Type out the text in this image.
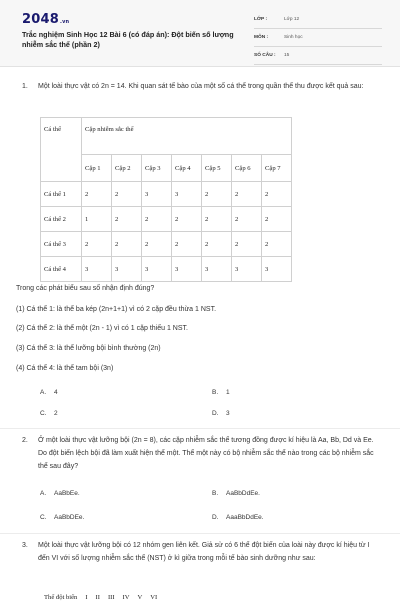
2048.vn
Trắc nghiệm Sinh Học 12 Bài 6 (có đáp án): Đột biến số lượng nhiễm sắc thể (phần 2)
LỚP :	Lớp 12
MÔN :	Sinh học
SỐ CÂU : 15
1.	Một loài thực vật có 2n = 14. Khi quan sát tế bào của một số cá thể trong quần thể thu được kết quả sau:
Cá thể	Cặp nhiễm sắc thể						
	Cặp 1	Cặp 2	Cặp 3	Cặp 4	Cặp 5	Cặp 6	Cặp 7
Cá thể 1	2	2	3	3	2	2	2
Cá thể 2	1	2	2	2	2	2	2
Cá thể 3	2	2	2	2	2	2	2
Cá thể 4	3	3	3	3	3	3	3
Trong các phát biểu sau số nhận định đúng?
(1) Cá thể 1: là thể ba kép (2n+1+1) vì có 2 cặp đều thừa 1 NST.
(2) Cá thể 2: là thể một (2n - 1) vì có 1 cặp thiếu 1 NST.
(3) Cá thể 3: là thể lưỡng bội bình thường (2n)
(4) Cá thể 4: là thể tam bội (3n)
A. 4	B. 1
C. 2	D. 3
2.	Ở một loài thực vật lưỡng bội (2n = 8), các cặp nhiễm sắc thể tương đồng được kí hiệu là Aa, Bb, Dd và Ee. Do đột biến lệch bội đã làm xuất hiện thể một. Thể một này có bộ nhiễm sắc thể nào trong các bộ nhiễm sắc thể sau đây?
A. AaBbEe.	B. AaBbDdEe.
C. AaBbDEe.	D. AaaBbDdEe.
3.	Một loài thực vật lưỡng bội có 12 nhóm gen liên kết. Giả sử có 6 thể đột biến của loài này được kí hiệu từ I đến VI với số lượng nhiễm sắc thể (NST) ở kì giữa trong mỗi tế bào sinh dưỡng như sau:
Thể đột biến	I	II	III	IV	V	VI
